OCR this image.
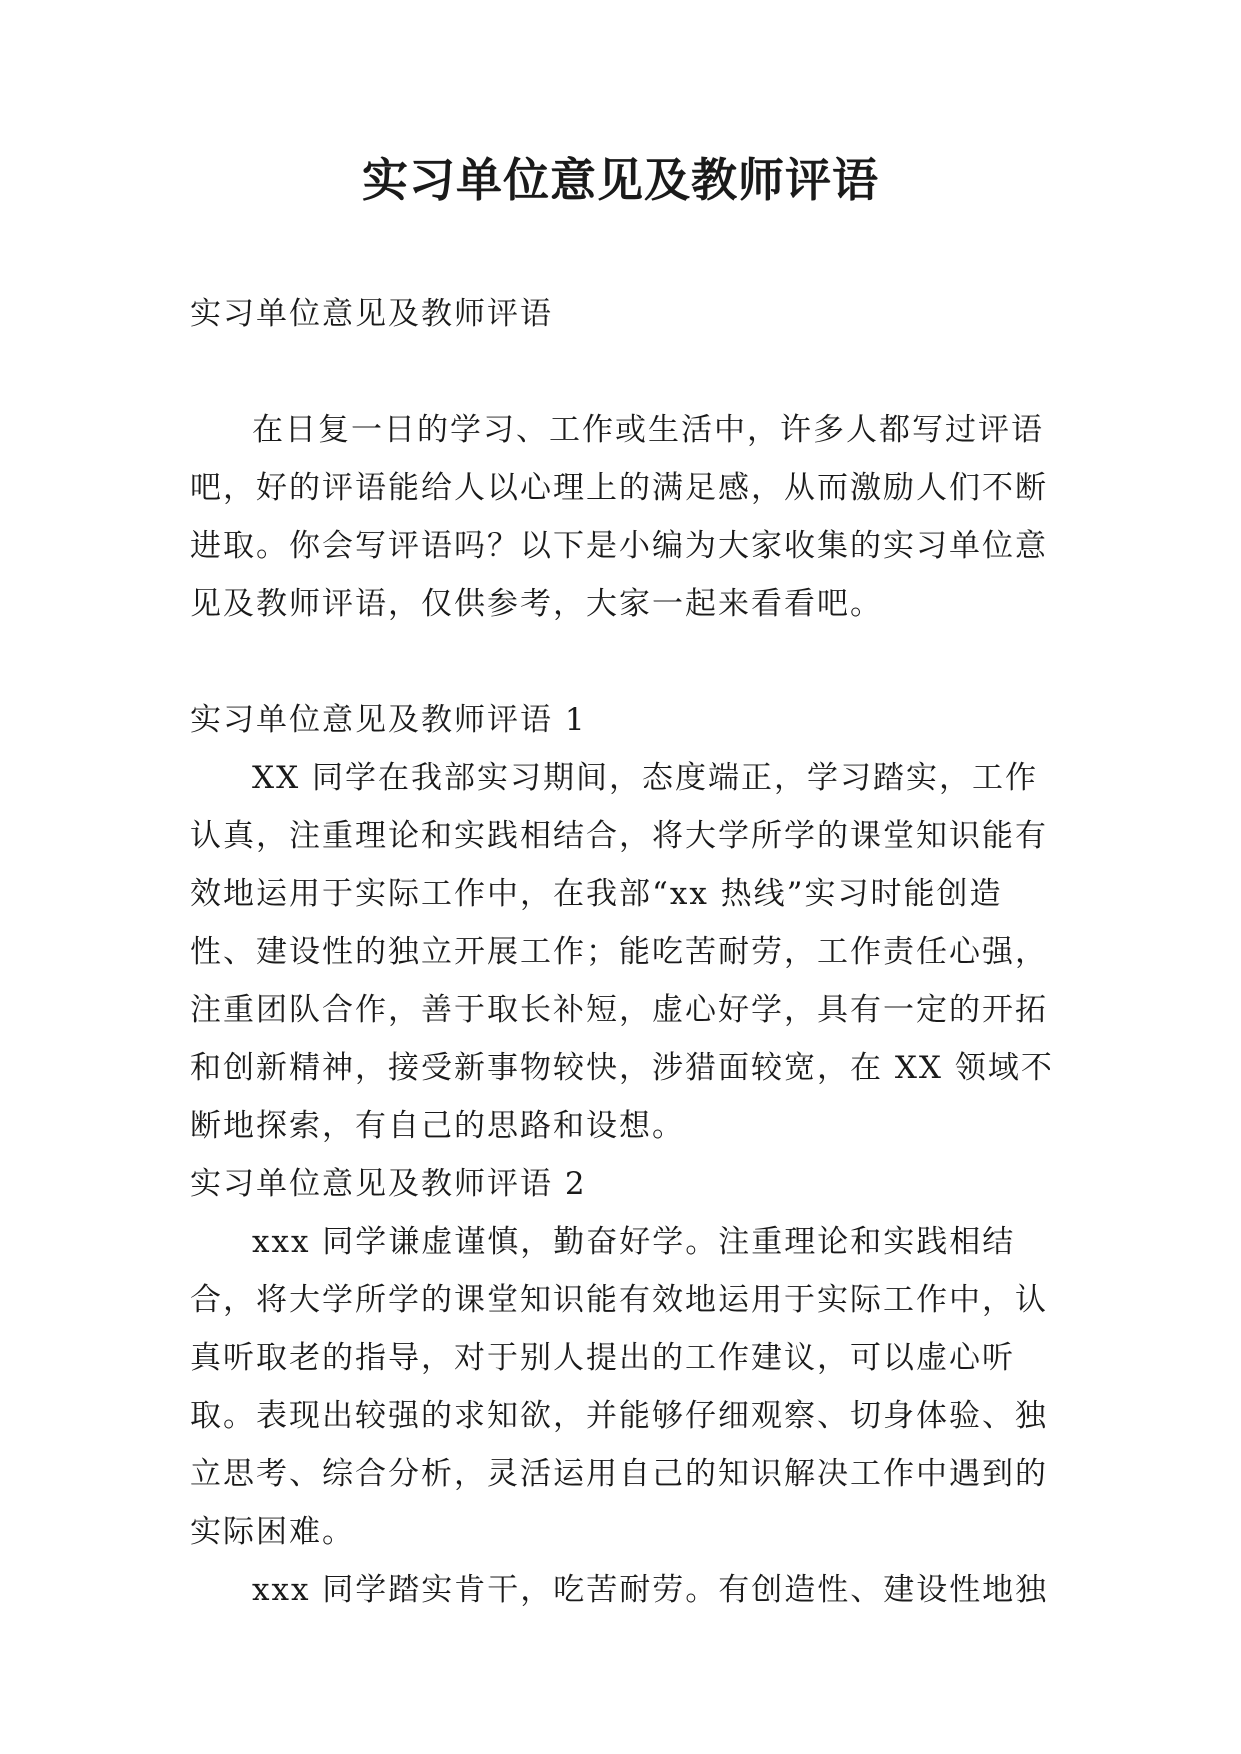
实习单位意见及教师评语

实习单位意见及教师评语

在日复一日的学习、工作或生活中，许多人都写过评语吧，好的评语能给人以心理上的满足感，从而激励人们不断进取。你会写评语吗？以下是小编为大家收集的实习单位意见及教师评语，仅供参考，大家一起来看看吧。

实习单位意见及教师评语 1

XX 同学在我部实习期间，态度端正，学习踏实，工作认真，注重理论和实践相结合，将大学所学的课堂知识能有效地运用于实际工作中，在我部“xx 热线”实习时能创造性、建设性的独立开展工作；能吃苦耐劳，工作责任心强，注重团队合作，善于取长补短，虚心好学，具有一定的开拓和创新精神，接受新事物较快，涉猎面较宽，在 XX 领域不断地探索，有自己的思路和设想。

实习单位意见及教师评语 2

xxx 同学谦虚谨慎，勤奋好学。注重理论和实践相结合，将大学所学的课堂知识能有效地运用于实际工作中，认真听取老的指导，对于别人提出的工作建议，可以虚心听取。表现出较强的求知欲，并能够仔细观察、切身体验、独立思考、综合分析，灵活运用自己的知识解决工作中遇到的实际困难。

xxx 同学踏实肯干，吃苦耐劳。有创造性、建设性地独
